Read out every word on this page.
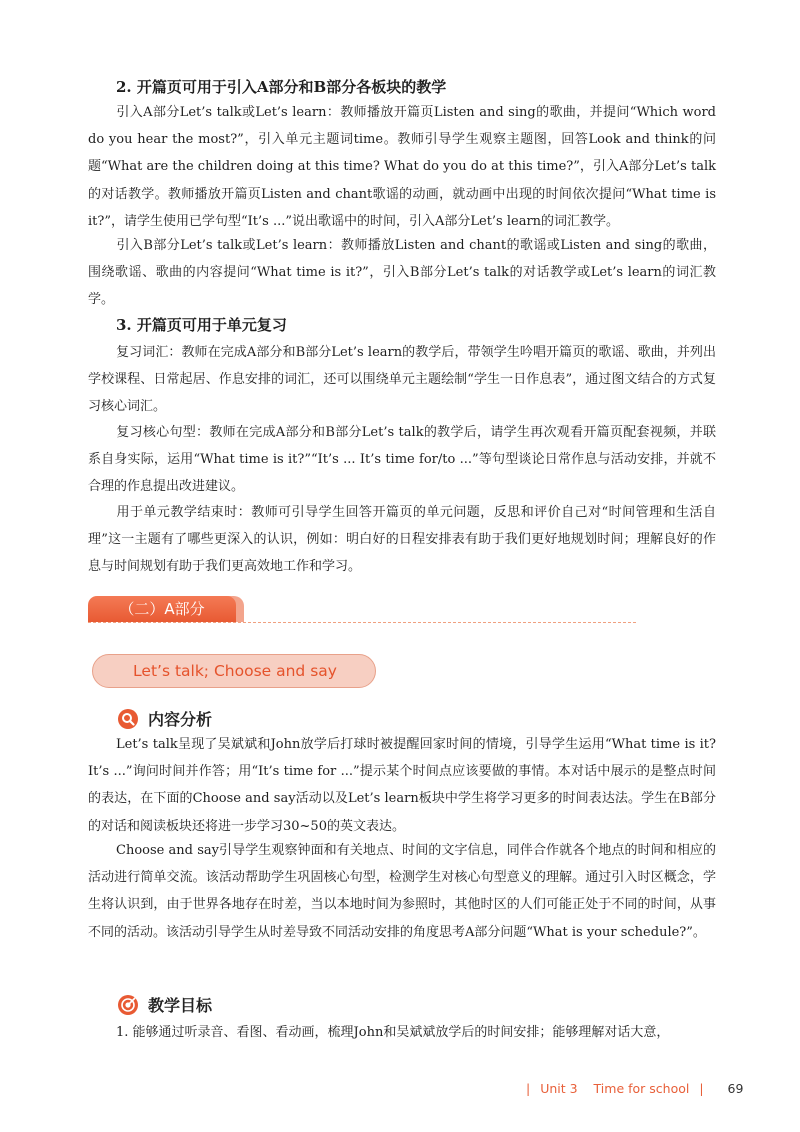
2. 开篇页可用于引入A部分和B部分各板块的教学

引入A部分Let’s talk或Let’s learn：教师播放开篇页Listen and sing的歌曲，并提问“Which word do you hear the most?”，引入单元主题词time。教师引导学生观察主题图，回答Look and think的问题“What are the children doing at this time? What do you do at this time?”，引入A部分Let’s talk的对话教学。教师播放开篇页Listen and chant歌谣的动画，就动画中出现的时间依次提问“What time is it?”，请学生使用已学句型“It’s ...”说出歌谣中的时间，引入A部分Let’s learn的词汇教学。

引入B部分Let’s talk或Let’s learn：教师播放Listen and chant的歌谣或Listen and sing的歌曲，围绕歌谣、歌曲的内容提问“What time is it?”，引入B部分Let’s talk的对话教学或Let’s learn的词汇教学。

3. 开篇页可用于单元复习

复习词汇：教师在完成A部分和B部分Let’s learn的教学后，带领学生吟唱开篇页的歌谣、歌曲，并列出学校课程、日常起居、作息安排的词汇，还可以围绕单元主题绘制“学生一日作息表”，通过图文结合的方式复习核心词汇。

复习核心句型：教师在完成A部分和B部分Let’s talk的教学后，请学生再次观看开篇页配套视频，并联系自身实际，运用“What time is it?”“It’s ... It’s time for/to ...”等句型谈论日常作息与活动安排，并就不合理的作息提出改进建议。

用于单元教学结束时：教师可引导学生回答开篇页的单元问题，反思和评价自己对“时间管理和生活自理”这一主题有了哪些更深入的认识，例如：明白好的日程安排表有助于我们更好地规划时间；理解良好的作息与时间规划有助于我们更高效地工作和学习。

（二）A部分
Let’s talk; Choose and say
内容分析

Let’s talk呈现了吴斌斌和John放学后打球时被提醒回家时间的情境，引导学生运用“What time is it? It’s ...”询问时间并作答；用“It’s time for ...”提示某个时间点应该要做的事情。本对话中展示的是整点时间的表达，在下面的Choose and say活动以及Let’s learn板块中学生将学习更多的时间表达法。学生在B部分的对话和阅读板块还将进一步学习30~50的英文表达。

Choose and say引导学生观察钟面和有关地点、时间的文字信息，同伴合作就各个地点的时间和相应的活动进行简单交流。该活动帮助学生巩固核心句型，检测学生对核心句型意义的理解。通过引入时区概念，学生将认识到，由于世界各地存在时差，当以本地时间为参照时，其他时区的人们可能正处于不同的时间，从事不同的活动。该活动引导学生从时差导致不同活动安排的角度思考A部分问题“What is your schedule?”。

教学目标

1. 能够通过听录音、看图、看动画，梳理John和吴斌斌放学后的时间安排；能够理解对话大意，

| Unit 3 Time for school | 69
